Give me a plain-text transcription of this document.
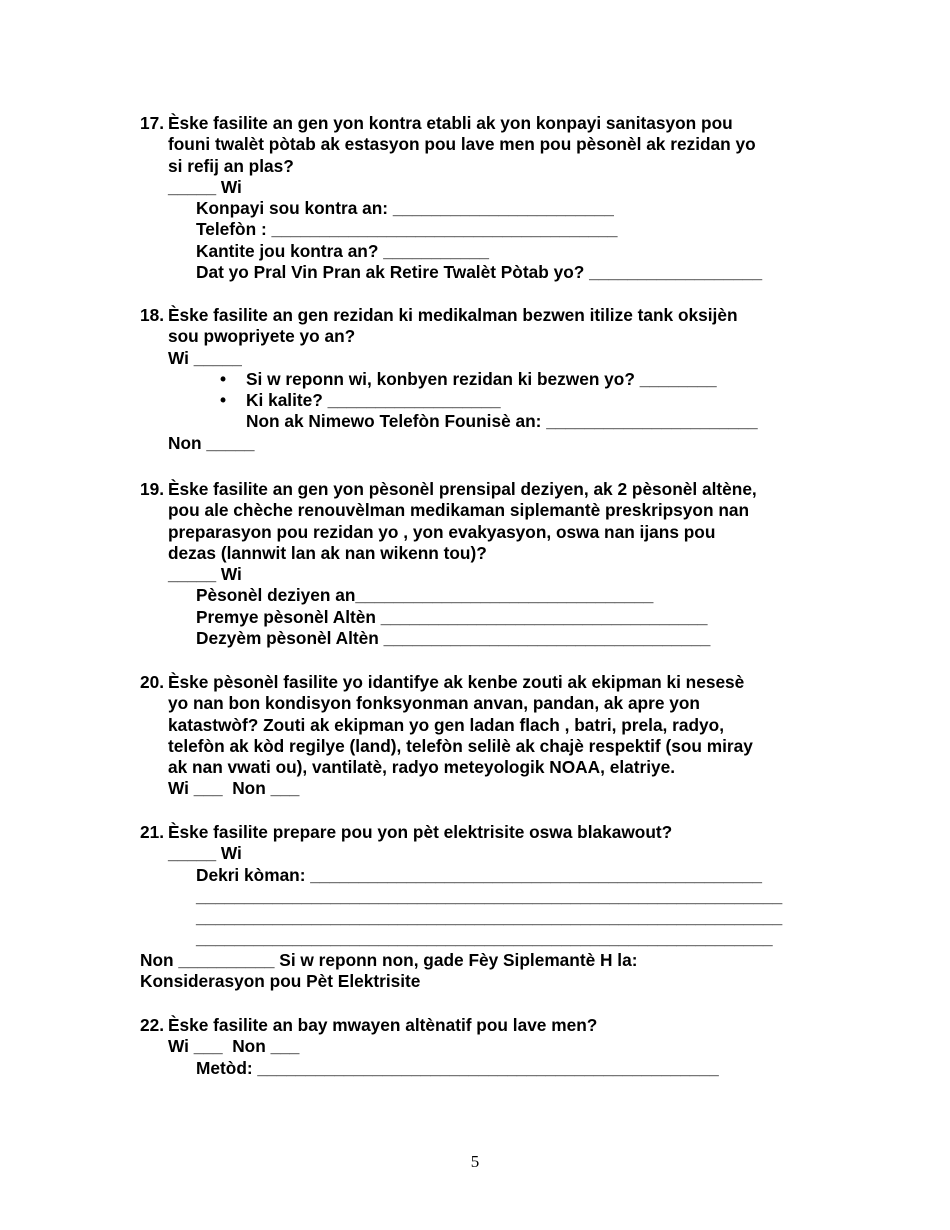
17. Èske fasilite an gen yon kontra etabli ak yon konpayi sanitasyon pou
founi twalèt pòtab ak estasyon pou lave men pou pèsonèl ak rezidan yo
si refij an plas?
_____ Wi
Konpayi sou kontra an: _______________________
Telefòn : ____________________________________
Kantite jou kontra an? ___________
Dat yo Pral Vin Pran ak Retire Twalèt Pòtab yo? __________________
18. Èske fasilite an gen rezidan ki medikalman bezwen itilize tank oksijèn
sou pwopriyete yo an?
Wi _____
• Si w reponn wi, konbyen rezidan ki bezwen yo? ________
• Ki kalite? __________________
Non ak Nimewo Telefòn Founisè an: ______________________
Non _____
19. Èske fasilite an gen yon pèsonèl prensipal deziyen, ak 2 pèsonèl altène,
pou ale chèche renouvèlman medikaman siplemantè preskripsyon nan
preparasyon pou rezidan yo , yon evakyasyon, oswa nan ijans pou
dezas (lannwit lan ak nan wikenn tou)?
_____ Wi
Pèsonèl deziyen an_______________________________
Premye pèsonèl Altèn __________________________________
Dezyèm pèsonèl Altèn __________________________________
20. Èske pèsonèl fasilite yo idantifye ak kenbe zouti ak ekipman ki nesesè
yo nan bon kondisyon fonksyonman anvan, pandan, ak apre yon
katastwòf? Zouti ak ekipman yo gen ladan flach , batri, prela, radyo,
telefòn ak kòd regilye (land), telefòn selilè ak chajè respektif (sou miray
ak nan vwati ou), vantilatè, radyo meteyologik NOAA, elatriye.
Wi ___  Non ___
21. Èske fasilite prepare pou yon pèt elektrisite oswa blakawout?
_____ Wi
Dekri kòman: _______________________________________________
_____________________________________________________________
_____________________________________________________________
____________________________________________________________
Non __________ Si w reponn non, gade Fèy Siplemantè H la:
Konsiderasyon pou Pèt Elektrisite
22. Èske fasilite an bay mwayen altènatif pou lave men?
Wi ___  Non ___
Metòd: ________________________________________________
5
